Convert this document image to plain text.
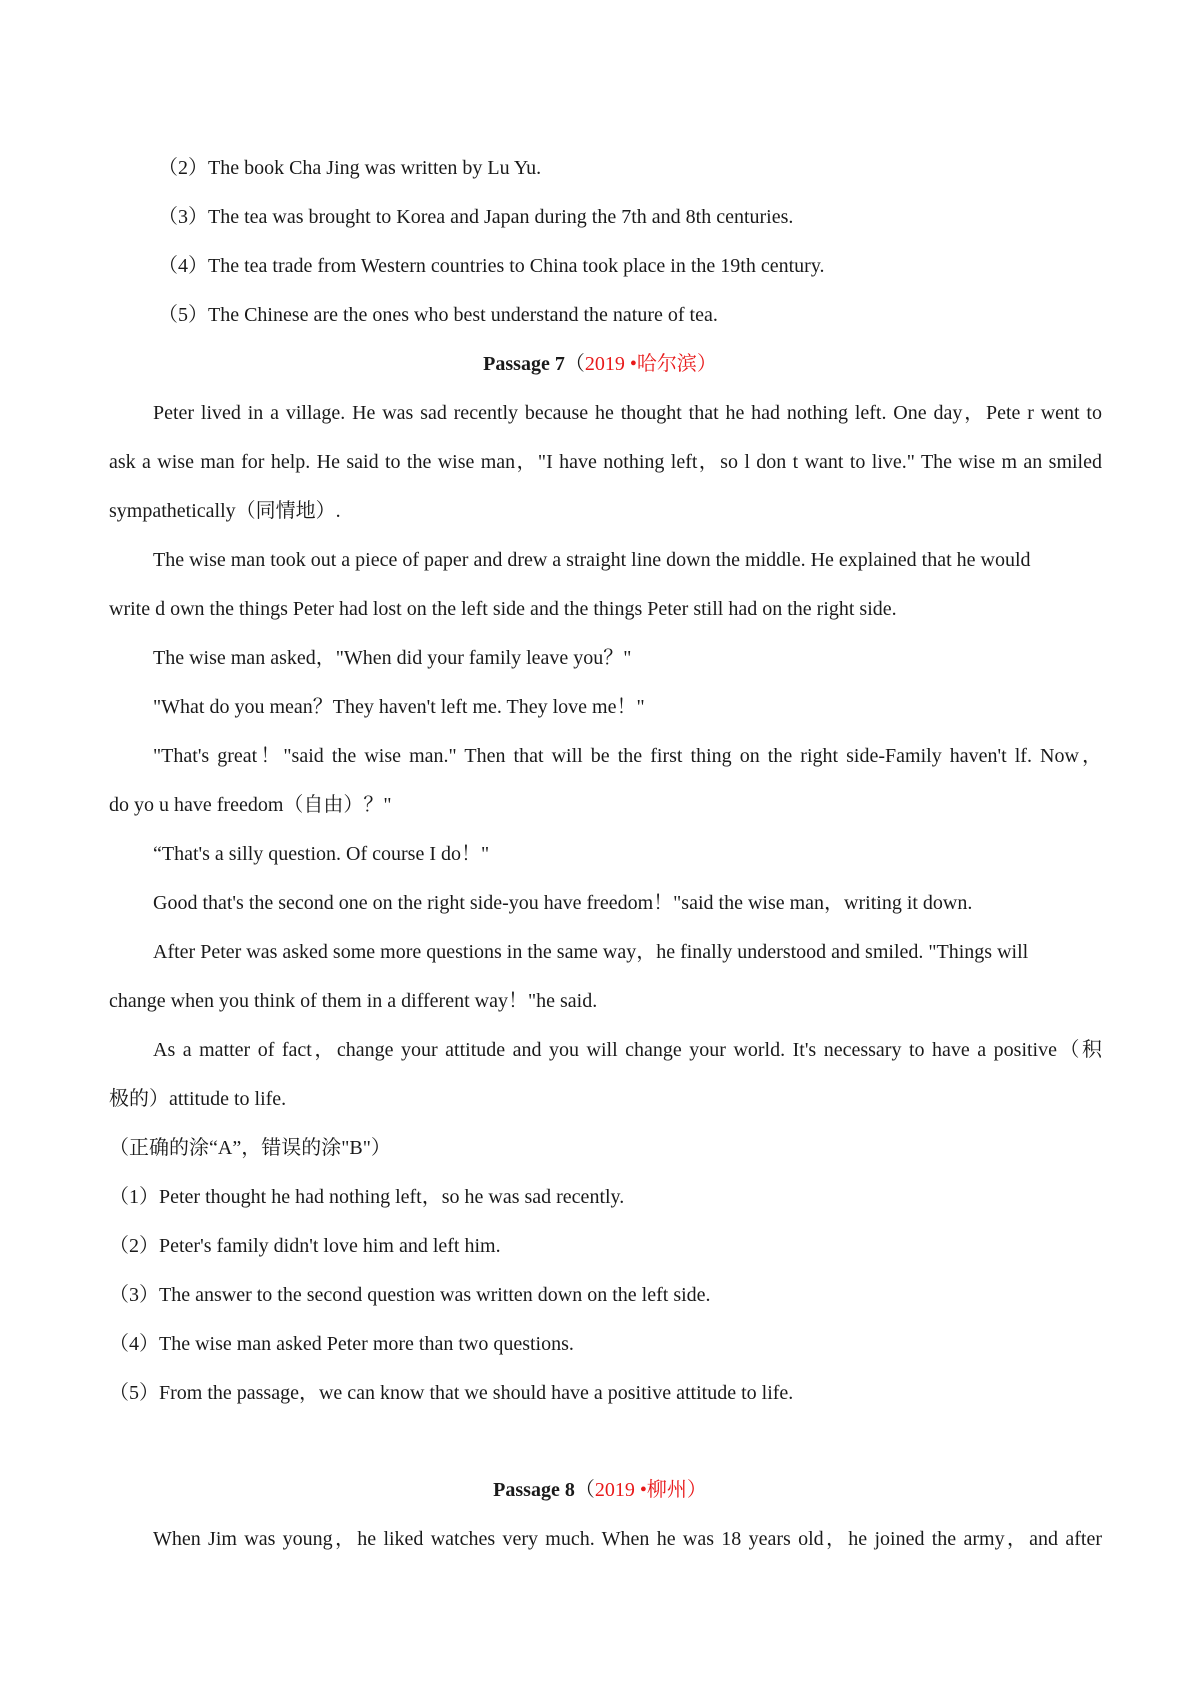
（2）The book Cha Jing was written by Lu Yu.
（3）The tea was brought to Korea and Japan during the 7th and 8th centuries.
（4）The tea trade from Western countries to China took place in the 19th century.
（5）The Chinese are the ones who best understand the nature of tea.
Passage 7（2019 •哈尔滨）
Peter lived in a village. He was sad recently because he thought that he had nothing left. One day，Pete r went to
ask a wise man for help. He said to the wise man，"I have nothing left，so l don t want to live." The wise m an smiled
sympathetically（同情地）.
The wise man took out a piece of paper and drew a straight line down the middle. He explained that he would
write d own the things Peter had lost on the left side and the things Peter still had on the right side.
The wise man asked，"When did your family leave you？"
"What do you mean？They haven't left me. They love me！"
"That's great！"said the wise man." Then that will be the first thing on the right side-Family haven't lf. Now，
do yo u have freedom（自由）？"
“That's a silly question. Of course I do！"
Good that's the second one on the right side-you have freedom！"said the wise man，writing it down.
After Peter was asked some more questions in the same way，he finally understood and smiled. "Things will
change when you think of them in a different way！"he said.
As a matter of fact，change your attitude and you will change your world. It's necessary to have a positive（积
极的）attitude to life.
（正确的涂“A”，错误的涂"B"）
（1）Peter thought he had nothing left，so he was sad recently.
（2）Peter's family didn't love him and left him.
（3）The answer to the second question was written down on the left side.
（4）The wise man asked Peter more than two questions.
（5）From the passage，we can know that we should have a positive attitude to life.
Passage 8（2019 •柳州）
When Jim was young，he liked watches very much. When he was 18 years old，he joined the army，and after
